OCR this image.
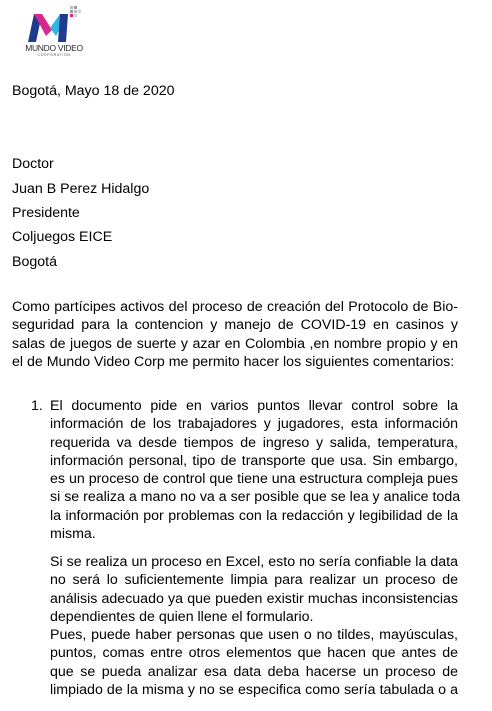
MUNDO VIDEO
CORPORATION
Bogotá, Mayo 18 de 2020
Doctor
Juan B Perez Hidalgo
Presidente
Coljuegos EICE
Bogotá
Como partícipes activos del proceso de creación del Protocolo de Bio-
seguridad para la contencion y manejo de COVID-19 en casinos y
salas de juegos de suerte y azar en Colombia ,en nombre propio y en
el de Mundo Video Corp me permito hacer los siguientes comentarios:
1. El documento pide en varios puntos llevar control sobre la
información de los trabajadores y jugadores, esta información
requerida va desde tiempos de ingreso y salida, temperatura,
información personal, tipo de transporte que usa. Sin embargo,
es un proceso de control que tiene una estructura compleja pues
si se realiza a mano no va a ser posible que se lea y analice toda
la información por problemas con la redacción y legibilidad de la
misma.
Si se realiza un proceso en Excel, esto no sería confiable la data
no será lo suficientemente limpia para realizar un proceso de
análisis adecuado ya que pueden existir muchas inconsistencias
dependientes de quien llene el formulario.
Pues, puede haber personas que usen o no tildes, mayúsculas,
puntos, comas entre otros elementos que hacen que antes de
que se pueda analizar esa data deba hacerse un proceso de
limpiado de la misma y no se especifica como sería tabulada o a
